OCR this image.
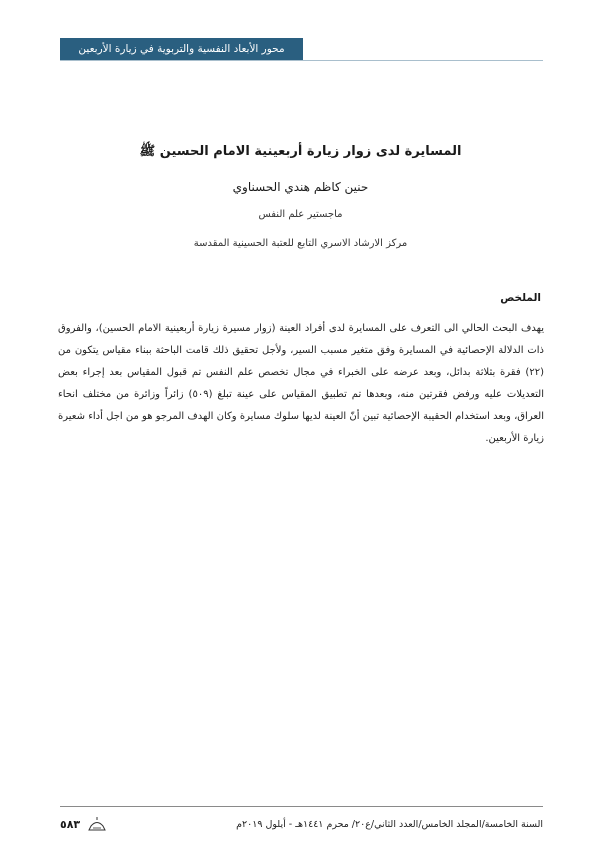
محور الأبعاد النفسية والتربوية في زيارة الأربعين
المسايرة لدى زوار زيارة أربعينية الامام الحسين ﷺ
حنين كاظم هندي الحسناوي
ماجستير علم النفس
مركز الارشاد الاسري التابع للعتبة الحسينية المقدسة
الملخص
يهدف البحث الحالي الى التعرف على المسايرة لدى أفراد العينة (زوار مسيرة زيارة أربعينية الامام الحسين)، والفروق ذات الدلالة الإحصائية في المسايرة وفق متغير مسبب السير، ولأجل تحقيق ذلك قامت الباحثة ببناء مقياس يتكون من (٢٢) فقرة بثلاثة بدائل، وبعد عرضه على الخبراء في مجال تخصص علم النفس تم قبول المقياس بعد إجراء بعض التعديلات عليه ورفض فقرتين منه، وبعدها تم تطبيق المقياس على عينة تبلغ (٥٠٩) زائراً وزائرة من مختلف انحاء العراق، وبعد استخدام الحقيبة الإحصائية تبين أنّ العينة لديها سلوك مسايرة وكان الهدف المرجو هو من اجل أداء شعيرة زيارة الأربعين.
٥٨٣	السنة الخامسة/المجلد الخامس/العدد الثاني/ع٢٠/ محرم ١٤٤١هـ - أيلول ٢٠١٩م
